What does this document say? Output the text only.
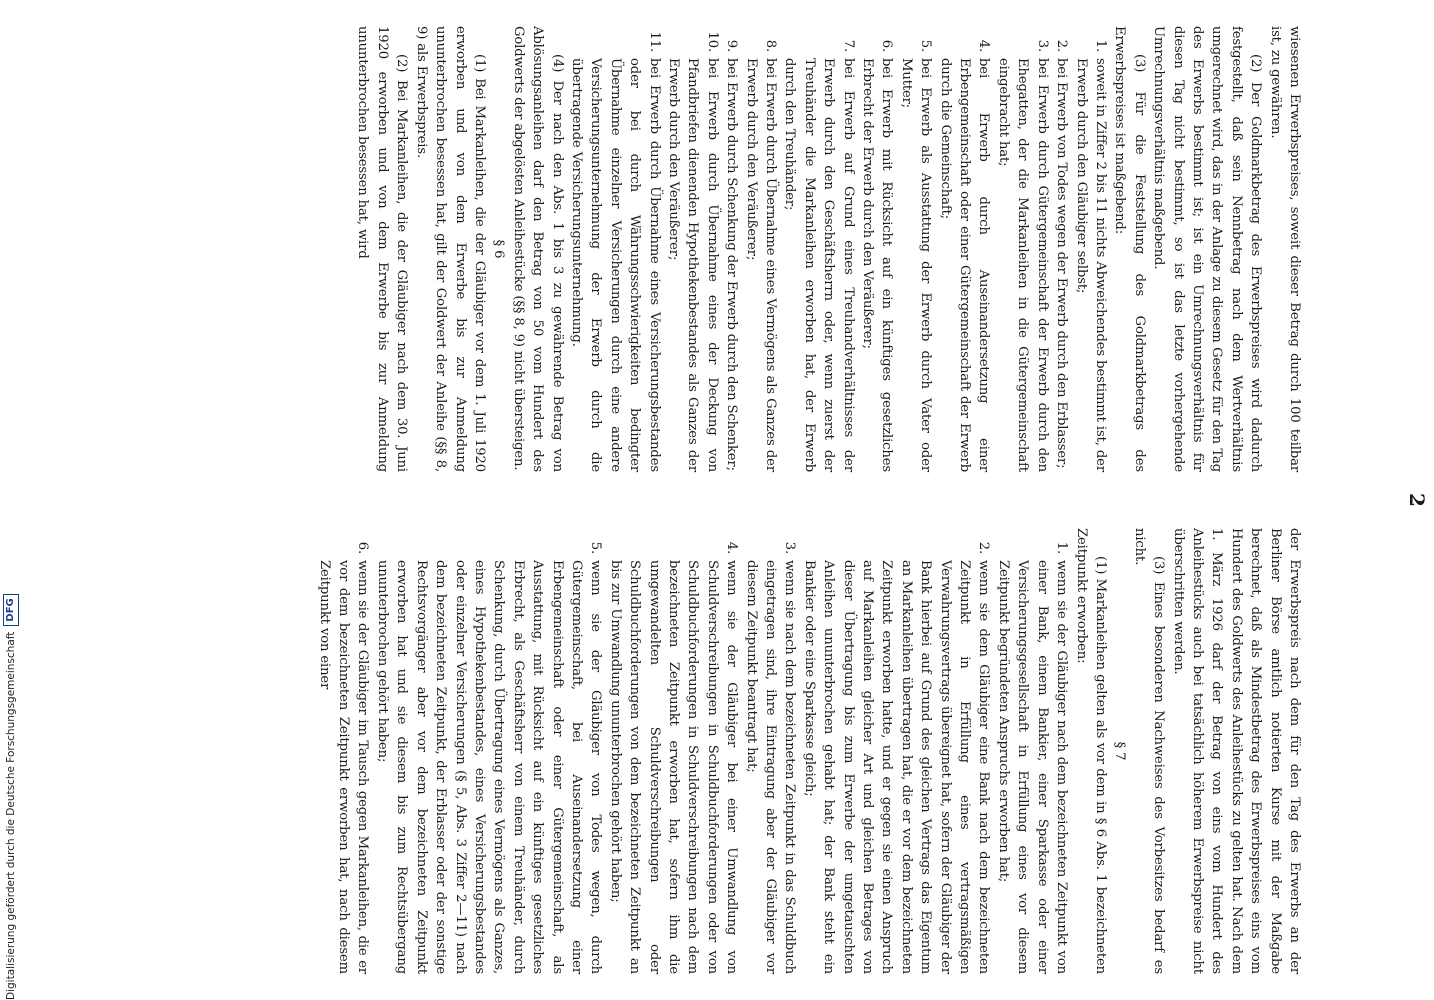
2

wiesenen Erwerbspreises, soweit dieser Betrag durch 100 teilbar ist, zu gewähren.

(2) Der Goldmarkbetrag des Erwerbspreises wird dadurch festgestellt, daß sein Nennbetrag nach dem Wertverhältnis umgerechnet wird, das in der Anlage zu diesem Gesetz für den Tag des Erwerbs bestimmt ist; ist ein Umrechnungsverhältnis für diesen Tag nicht bestimmt, so ist das letzte vorhergehende Umrechnungsverhältnis maßgebend.

(3) Für die Feststellung des Goldmarkbetrags des Erwerbspreises ist maßgebend:

1.
soweit in Ziffer 2 bis 11 nichts Abweichendes bestimmt ist, der Erwerb durch den Gläubiger selbst;
2.
bei Erwerb von Todes wegen der Erwerb durch den Erblasser;
3.
bei Erwerb durch Gütergemeinschaft der Erwerb durch den Ehegatten, der die Markanleihen in die Gütergemeinschaft eingebracht hat;
4.
bei Erwerb durch Auseinandersetzung einer Erbengemeinschaft oder einer Gütergemeinschaft der Erwerb durch die Gemeinschaft;
5.
bei Erwerb als Ausstattung der Erwerb durch Vater oder Mutter;
6.
bei Erwerb mit Rücksicht auf ein künftiges gesetzliches Erbrecht der Erwerb durch den Veräußerer;
7.
bei Erwerb auf Grund eines Treuhandverhältnisses der Erwerb durch den Geschäftsherrn oder, wenn zuerst der Treuhänder die Markanleihen erworben hat, der Erwerb durch den Treuhänder;
8.
bei Erwerb durch Übernahme eines Vermögens als Ganzes der Erwerb durch den Veräußerer;
9.
bei Erwerb durch Schenkung der Erwerb durch den Schenker;
10.
bei Erwerb durch Übernahme eines der Deckung von Pfandbriefen dienenden Hypothekenbestandes als Ganzes der Erwerb durch den Veräußerer;
11.
bei Erwerb durch Übernahme eines Versicherungsbestandes oder bei durch Währungsschwierigkeiten bedingter Übernahme einzelner Versicherungen durch eine andere Versicherungsunternehmung der Erwerb durch die übertragende Versicherungsunternehmung.

(4) Der nach den Abs. 1 bis 3 zu gewährende Betrag von Ablösungsanleihen darf den Betrag von 50 vom Hundert des Goldwerts der abgelösten Anleihestücke (§§ 8, 9) nicht übersteigen.

§ 6

(1) Bei Markanleihen, die der Gläubiger vor dem 1. Juli 1920 erworben und von dem Erwerbe bis zur Anmeldung ununterbrochen besessen hat, gilt der Goldwert der Anleihe (§§ 8, 9) als Erwerbspreis.

(2) Bei Markanleihen, die der Gläubiger nach dem 30. Juni 1920 erworben und von dem Erwerbe bis zur Anmeldung ununterbrochen besessen hat, wird

der Erwerbspreis nach dem für den Tag des Erwerbs an der Berliner Börse amtlich notierten Kurse mit der Maßgabe berechnet, daß als Mindestbetrag des Erwerbspreises eins vom Hundert des Goldwerts des Anleihestücks zu gelten hat. Nach dem 1. März 1926 darf der Betrag von eins vom Hundert des Anleihestücks auch bei tatsächlich höherem Erwerbspreise nicht überschritten werden.

(3) Eines besonderen Nachweises des Vorbesitzes bedarf es nicht.

§ 7

(1) Markanleihen gelten als vor dem in § 6 Abs. 1 bezeichneten Zeitpunkt erworben:

1.
wenn sie der Gläubiger nach dem bezeichneten Zeitpunkt von einer Bank, einem Bankier, einer Sparkasse oder einer Versicherungsgesellschaft in Erfüllung eines vor diesem Zeitpunkt begründeten Anspruchs erworben hat;
2.
wenn sie dem Gläubiger eine Bank nach dem bezeichneten Zeitpunkt in Erfüllung eines vertragsmäßigen Verwahrungsvertrags übereignet hat, sofern der Gläubiger der Bank hierbei auf Grund des gleichen Vertrags das Eigentum an Markanleihen übertragen hat, die er vor dem bezeichneten Zeitpunkt erworben hatte, und er gegen sie einen Anspruch auf Markanleihen gleicher Art und gleichen Betrages von dieser Übertragung bis zum Erwerbe der umgetauschten Anleihen ununterbrochen gehabt hat; der Bank steht ein Bankier oder eine Sparkasse gleich;
3.
wenn sie nach dem bezeichneten Zeitpunkt in das Schuldbuch eingetragen sind, ihre Eintragung aber der Gläubiger vor diesem Zeitpunkt beantragt hat;
4.
wenn sie der Gläubiger bei einer Umwandlung von Schuldverschreibungen in Schuldbuchforderungen oder von Schuldbuchforderungen in Schuldverschreibungen nach dem bezeichneten Zeitpunkt erworben hat, sofern ihm die umgewandelten Schuldverschreibungen oder Schuldbuchforderungen von dem bezeichneten Zeitpunkt an bis zur Umwandlung ununterbrochen gehört haben;
5.
wenn sie der Gläubiger von Todes wegen, durch Gütergemeinschaft, bei Auseinandersetzung einer Erbengemeinschaft oder einer Gütergemeinschaft, als Ausstattung, mit Rücksicht auf ein künftiges gesetzliches Erbrecht, als Geschäftsherr von einem Treuhänder, durch Schenkung, durch Übertragung eines Vermögens als Ganzes, eines Hypothekenbestandes, eines Versicherungsbestandes oder einzelner Versicherungen (§ 5, Abs. 3 Ziffer 2—11) nach dem bezeichneten Zeitpunkt, der Erblasser oder der sonstige Rechtsvorgänger aber vor dem bezeichneten Zeitpunkt erworben hat und sie diesem bis zum Rechtsübergang ununterbrochen gehört haben;
6.
wenn sie der Gläubiger im Tausch gegen Markanleihen, die er vor dem bezeichneten Zeitpunkt erworben hat, nach diesem Zeitpunkt von einer
Digitalisierung gefördert durch die Deutsche Forschungsgemeinschaft
DFG
